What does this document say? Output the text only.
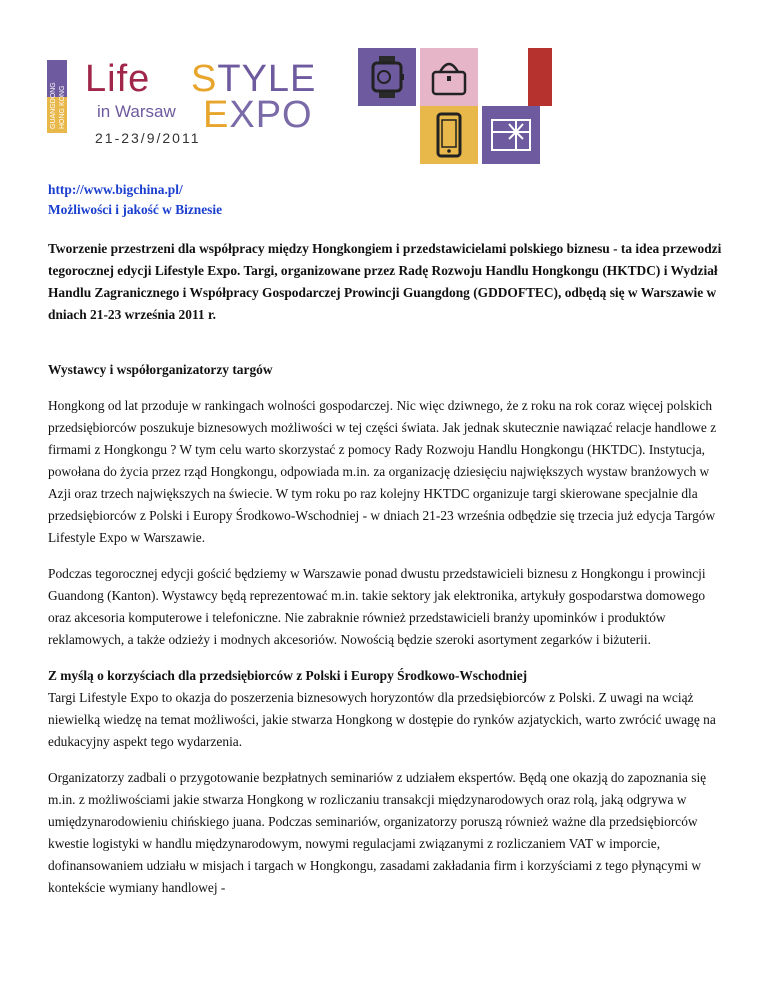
GUANGDONG HONG KONG
Life STYLE
in Warsaw EXPO
21-23/9/2011
http://www.bigchina.pl/
Możliwości i jakość w Biznesie

Tworzenie przestrzeni dla współpracy między Hongkongiem i przedstawicielami polskiego biznesu - ta idea przewodzi tegorocznej edycji Lifestyle Expo. Targi, organizowane przez Radę Rozwoju Handlu Hongkongu (HKTDC) i Wydział Handlu Zagranicznego i Współpracy Gospodarczej Prowincji Guangdong (GDDOFTEC), odbędą się w Warszawie w dniach 21-23 września 2011 r.

Wystawcy i współorganizatorzy targów

Hongkong od lat przoduje w rankingach wolności gospodarczej. Nic więc dziwnego, że z roku na rok coraz więcej polskich przedsiębiorców poszukuje biznesowych możliwości w tej części świata. Jak jednak skutecznie nawiązać relacje handlowe z firmami z Hongkongu ? W tym celu warto skorzystać z pomocy Rady Rozwoju Handlu Hongkongu (HKTDC). Instytucja, powołana do życia przez rząd Hongkongu, odpowiada m.in. za organizację dziesięciu największych wystaw branżowych w Azji oraz trzech największych na świecie. W tym roku po raz kolejny HKTDC organizuje targi skierowane specjalnie dla przedsiębiorców z Polski i Europy Środkowo-Wschodniej - w dniach 21-23 września odbędzie się trzecia już edycja Targów Lifestyle Expo w Warszawie.

Podczas tegorocznej edycji gościć będziemy w Warszawie ponad dwustu przedstawicieli biznesu z Hongkongu i prowincji Guandong (Kanton). Wystawcy będą reprezentować m.in. takie sektory jak elektronika, artykuły gospodarstwa domowego oraz akcesoria komputerowe i telefoniczne. Nie zabraknie również przedstawicieli branży upominków i produktów reklamowych, a także odzieży i modnych akcesoriów. Nowością będzie szeroki asortyment zegarków i biżuterii.

Z myślą o korzyściach dla przedsiębiorców z Polski i Europy Środkowo-Wschodniej

Targi Lifestyle Expo to okazja do poszerzenia biznesowych horyzontów dla przedsiębiorców z Polski. Z uwagi na wciąż niewielką wiedzę na temat możliwości, jakie stwarza Hongkong w dostępie do rynków azjatyckich, warto zwrócić uwagę na edukacyjny aspekt tego wydarzenia.

Organizatorzy zadbali o przygotowanie bezpłatnych seminariów z udziałem ekspertów. Będą one okazją do zapoznania się m.in. z możliwościami jakie stwarza Hongkong w rozliczaniu transakcji międzynarodowych oraz rolą, jaką odgrywa w umiędzynarodowieniu chińskiego juana. Podczas seminariów, organizatorzy poruszą również ważne dla przedsiębiorców kwestie logistyki w handlu międzynarodowym, nowymi regulacjami związanymi z rozliczaniem VAT w imporcie, dofinansowaniem udziału w misjach i targach w Hongkongu, zasadami zakładania firm i korzyściami z tego płynącymi w kontekście wymiany handlowej -
